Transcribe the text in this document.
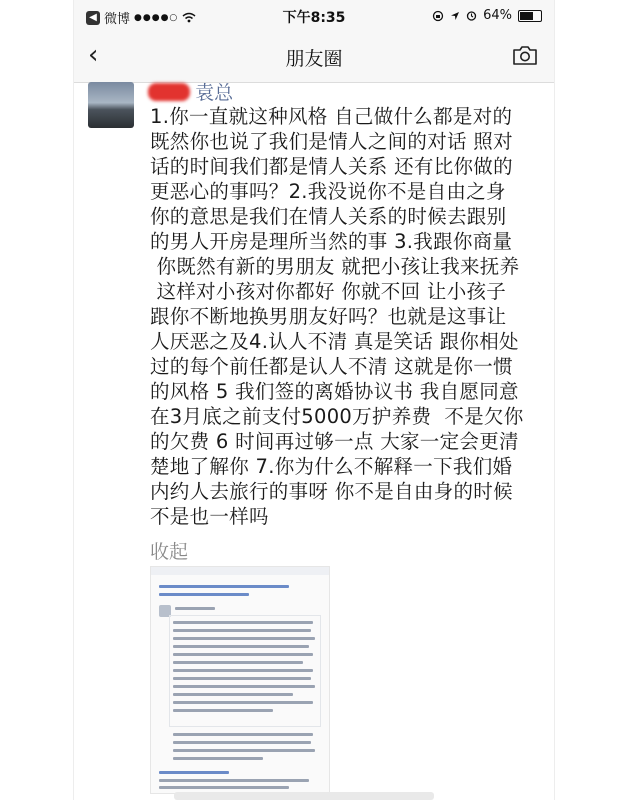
◀ 微博 ●●●●○	下午8:35	64%
‹	朋友圈
袁总
1.你一直就这种风格 自己做什么都是对的
既然你也说了我们是情人之间的对话 照对
话的时间我们都是情人关系 还有比你做的
更恶心的事吗？2.我没说你不是自由之身
你的意思是我们在情人关系的时候去跟别
的男人开房是理所当然的事 3.我跟你商量
你既然有新的男朋友 就把小孩让我来抚养
这样对小孩对你都好 你就不回 让小孩子
跟你不断地换男朋友好吗？也就是这事让
人厌恶之及4.认人不清 真是笑话 跟你相处
过的每个前任都是认人不清 这就是你一惯
的风格 5 我们签的离婚协议书 我自愿同意
在3月底之前支付5000万护养费  不是欠你
的欠费 6 时间再过够一点 大家一定会更清
楚地了解你 7.你为什么不解释一下我们婚
内约人去旅行的事呀 你不是自由身的时候
不是也一样吗
收起
